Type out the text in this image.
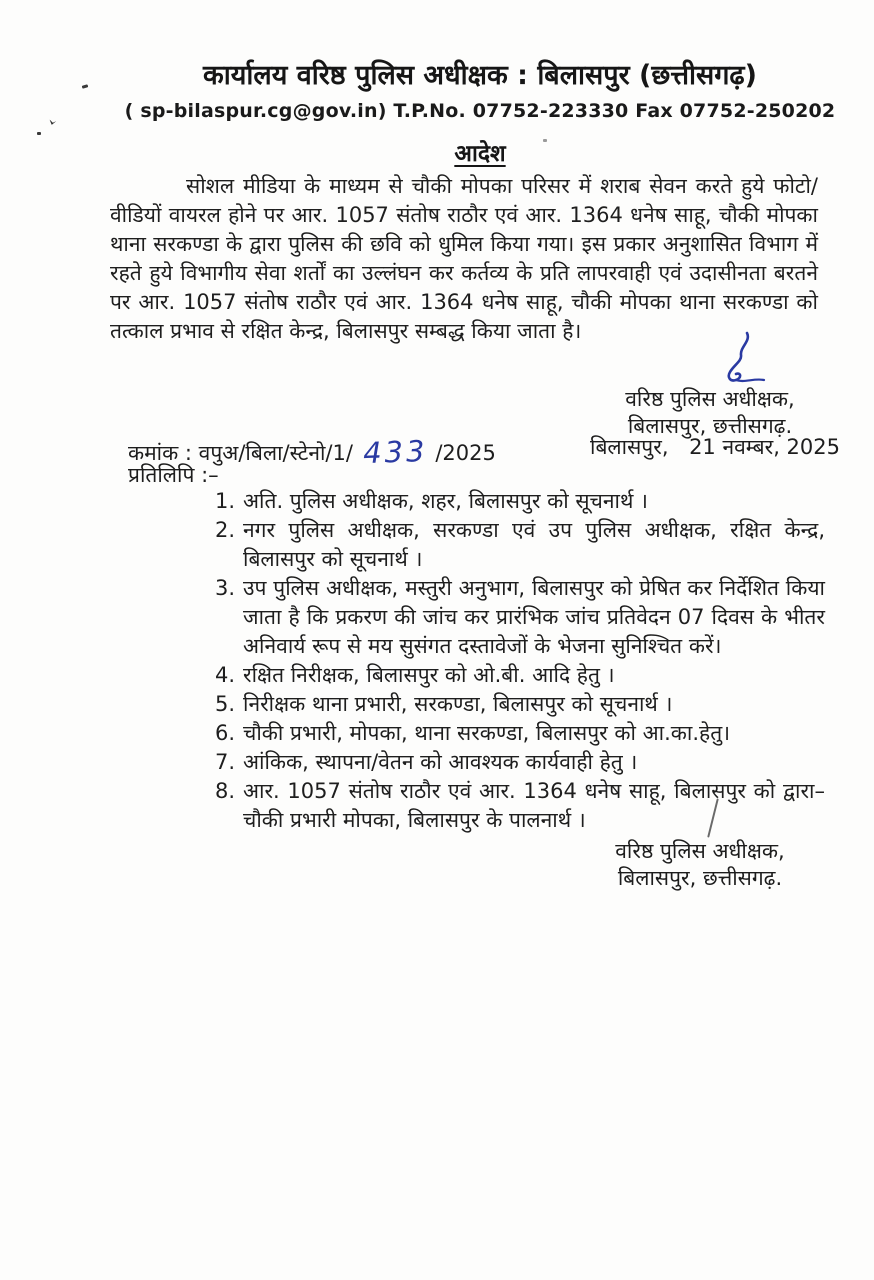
कार्यालय वरिष्ठ पुलिस अधीक्षक : बिलासपुर (छत्तीसगढ़)
( sp-bilaspur.cg@gov.in) T.P.No. 07752-223330 Fax 07752-250202
आदेश
सोशल मीडिया के माध्यम से चौकी मोपका परिसर में शराब सेवन करते हुये फोटो/वीडियों वायरल होने पर आर. 1057 संतोष राठौर एवं आर. 1364 धनेष साहू, चौकी मोपका थाना सरकण्डा के द्वारा पुलिस की छवि को धुमिल किया गया। इस प्रकार अनुशासित विभाग में रहते हुये विभागीय सेवा शर्तों का उल्लंघन कर कर्तव्य के प्रति लापरवाही एवं उदासीनता बरतने पर आर. 1057 संतोष राठौर एवं आर. 1364 धनेष साहू, चौकी मोपका थाना सरकण्डा को तत्काल प्रभाव से रक्षित केन्द्र, बिलासपुर सम्बद्ध किया जाता है।
वरिष्ठ पुलिस अधीक्षक,
बिलासपुर, छत्तीसगढ़.
बिलासपुर, 21 नवम्बर, 2025
कमांक : वपुअ/बिला/स्टेनो/1/ 433 /2025
प्रतिलिपि :–
1. अति. पुलिस अधीक्षक, शहर, बिलासपुर को सूचनार्थ ।
2. नगर पुलिस अधीक्षक, सरकण्डा एवं उप पुलिस अधीक्षक, रक्षित केन्द्र, बिलासपुर को सूचनार्थ ।
3. उप पुलिस अधीक्षक, मस्तुरी अनुभाग, बिलासपुर को प्रेषित कर निर्देशित किया जाता है कि प्रकरण की जांच कर प्रारंभिक जांच प्रतिवेदन 07 दिवस के भीतर अनिवार्य रूप से मय सुसंगत दस्तावेजों के भेजना सुनिश्चित करें।
4. रक्षित निरीक्षक, बिलासपुर को ओ.बी. आदि हेतु ।
5. निरीक्षक थाना प्रभारी, सरकण्डा, बिलासपुर को सूचनार्थ ।
6. चौकी प्रभारी, मोपका, थाना सरकण्डा, बिलासपुर को आ.का.हेतु।
7. आंकिक, स्थापना/वेतन को आवश्यक कार्यवाही हेतु ।
8. आर. 1057 संतोष राठौर एवं आर. 1364 धनेष साहू, बिलासपुर को द्वारा– चौकी प्रभारी मोपका, बिलासपुर के पालनार्थ ।
वरिष्ठ पुलिस अधीक्षक,
बिलासपुर, छत्तीसगढ़.
